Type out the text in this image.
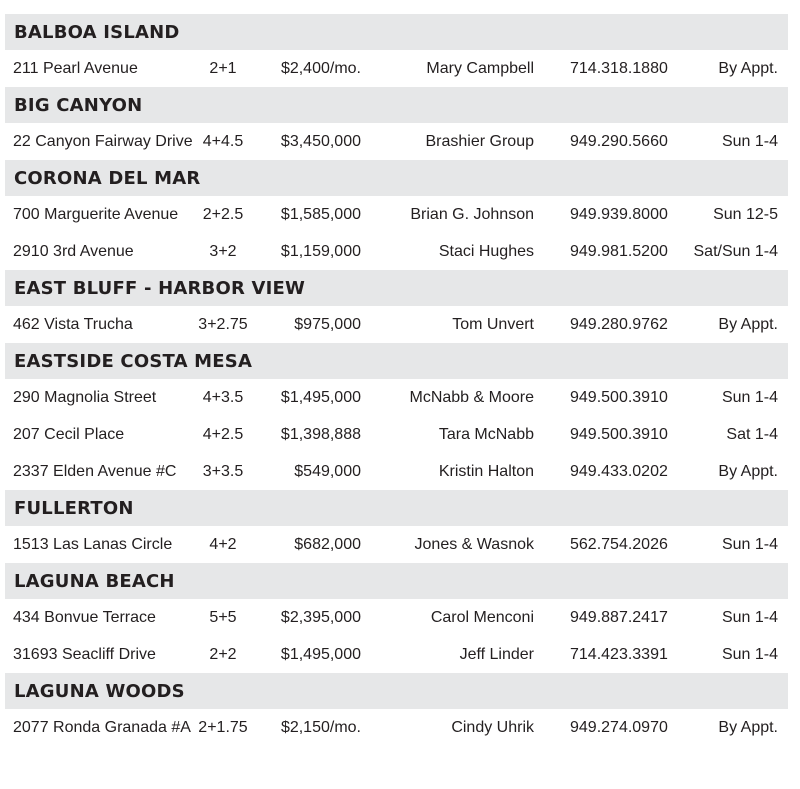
BALBOA ISLAND
211 Pearl Avenue	2+1	$2,400/mo.	Mary Campbell 714.318.1880	By Appt.
BIG CANYON
22 Canyon Fairway Drive 4+4.5	$3,450,000	Brashier Group 949.290.5660	Sun 1-4
CORONA DEL MAR
700 Marguerite Avenue	2+2.5	$1,585,000	Brian G. Johnson 949.939.8000	Sun 12-5
2910 3rd Avenue	3+2	$1,159,000	Staci Hughes 949.981.5200 Sat/Sun 1-4
EAST BLUFF - HARBOR VIEW
462 Vista Trucha	3+2.75	$975,000	Tom Unvert 949.280.9762	By Appt.
EASTSIDE COSTA MESA
290 Magnolia Street	4+3.5	$1,495,000	McNabb & Moore 949.500.3910	Sun 1-4
207 Cecil Place	4+2.5	$1,398,888	Tara McNabb 949.500.3910	Sat 1-4
2337 Elden Avenue #C	3+3.5	$549,000	Kristin Halton 949.433.0202	By Appt.
FULLERTON
1513 Las Lanas Circle	4+2	$682,000	Jones & Wasnok 562.754.2026	Sun 1-4
LAGUNA BEACH
434 Bonvue Terrace	5+5	$2,395,000	Carol Menconi 949.887.2417	Sun 1-4
31693 Seacliff Drive	2+2	$1,495,000	Jeff Linder 714.423.3391	Sun 1-4
LAGUNA WOODS
2077 Ronda Granada #A 2+1.75	$2,150/mo.	Cindy Uhrik 949.274.0970	By Appt.
